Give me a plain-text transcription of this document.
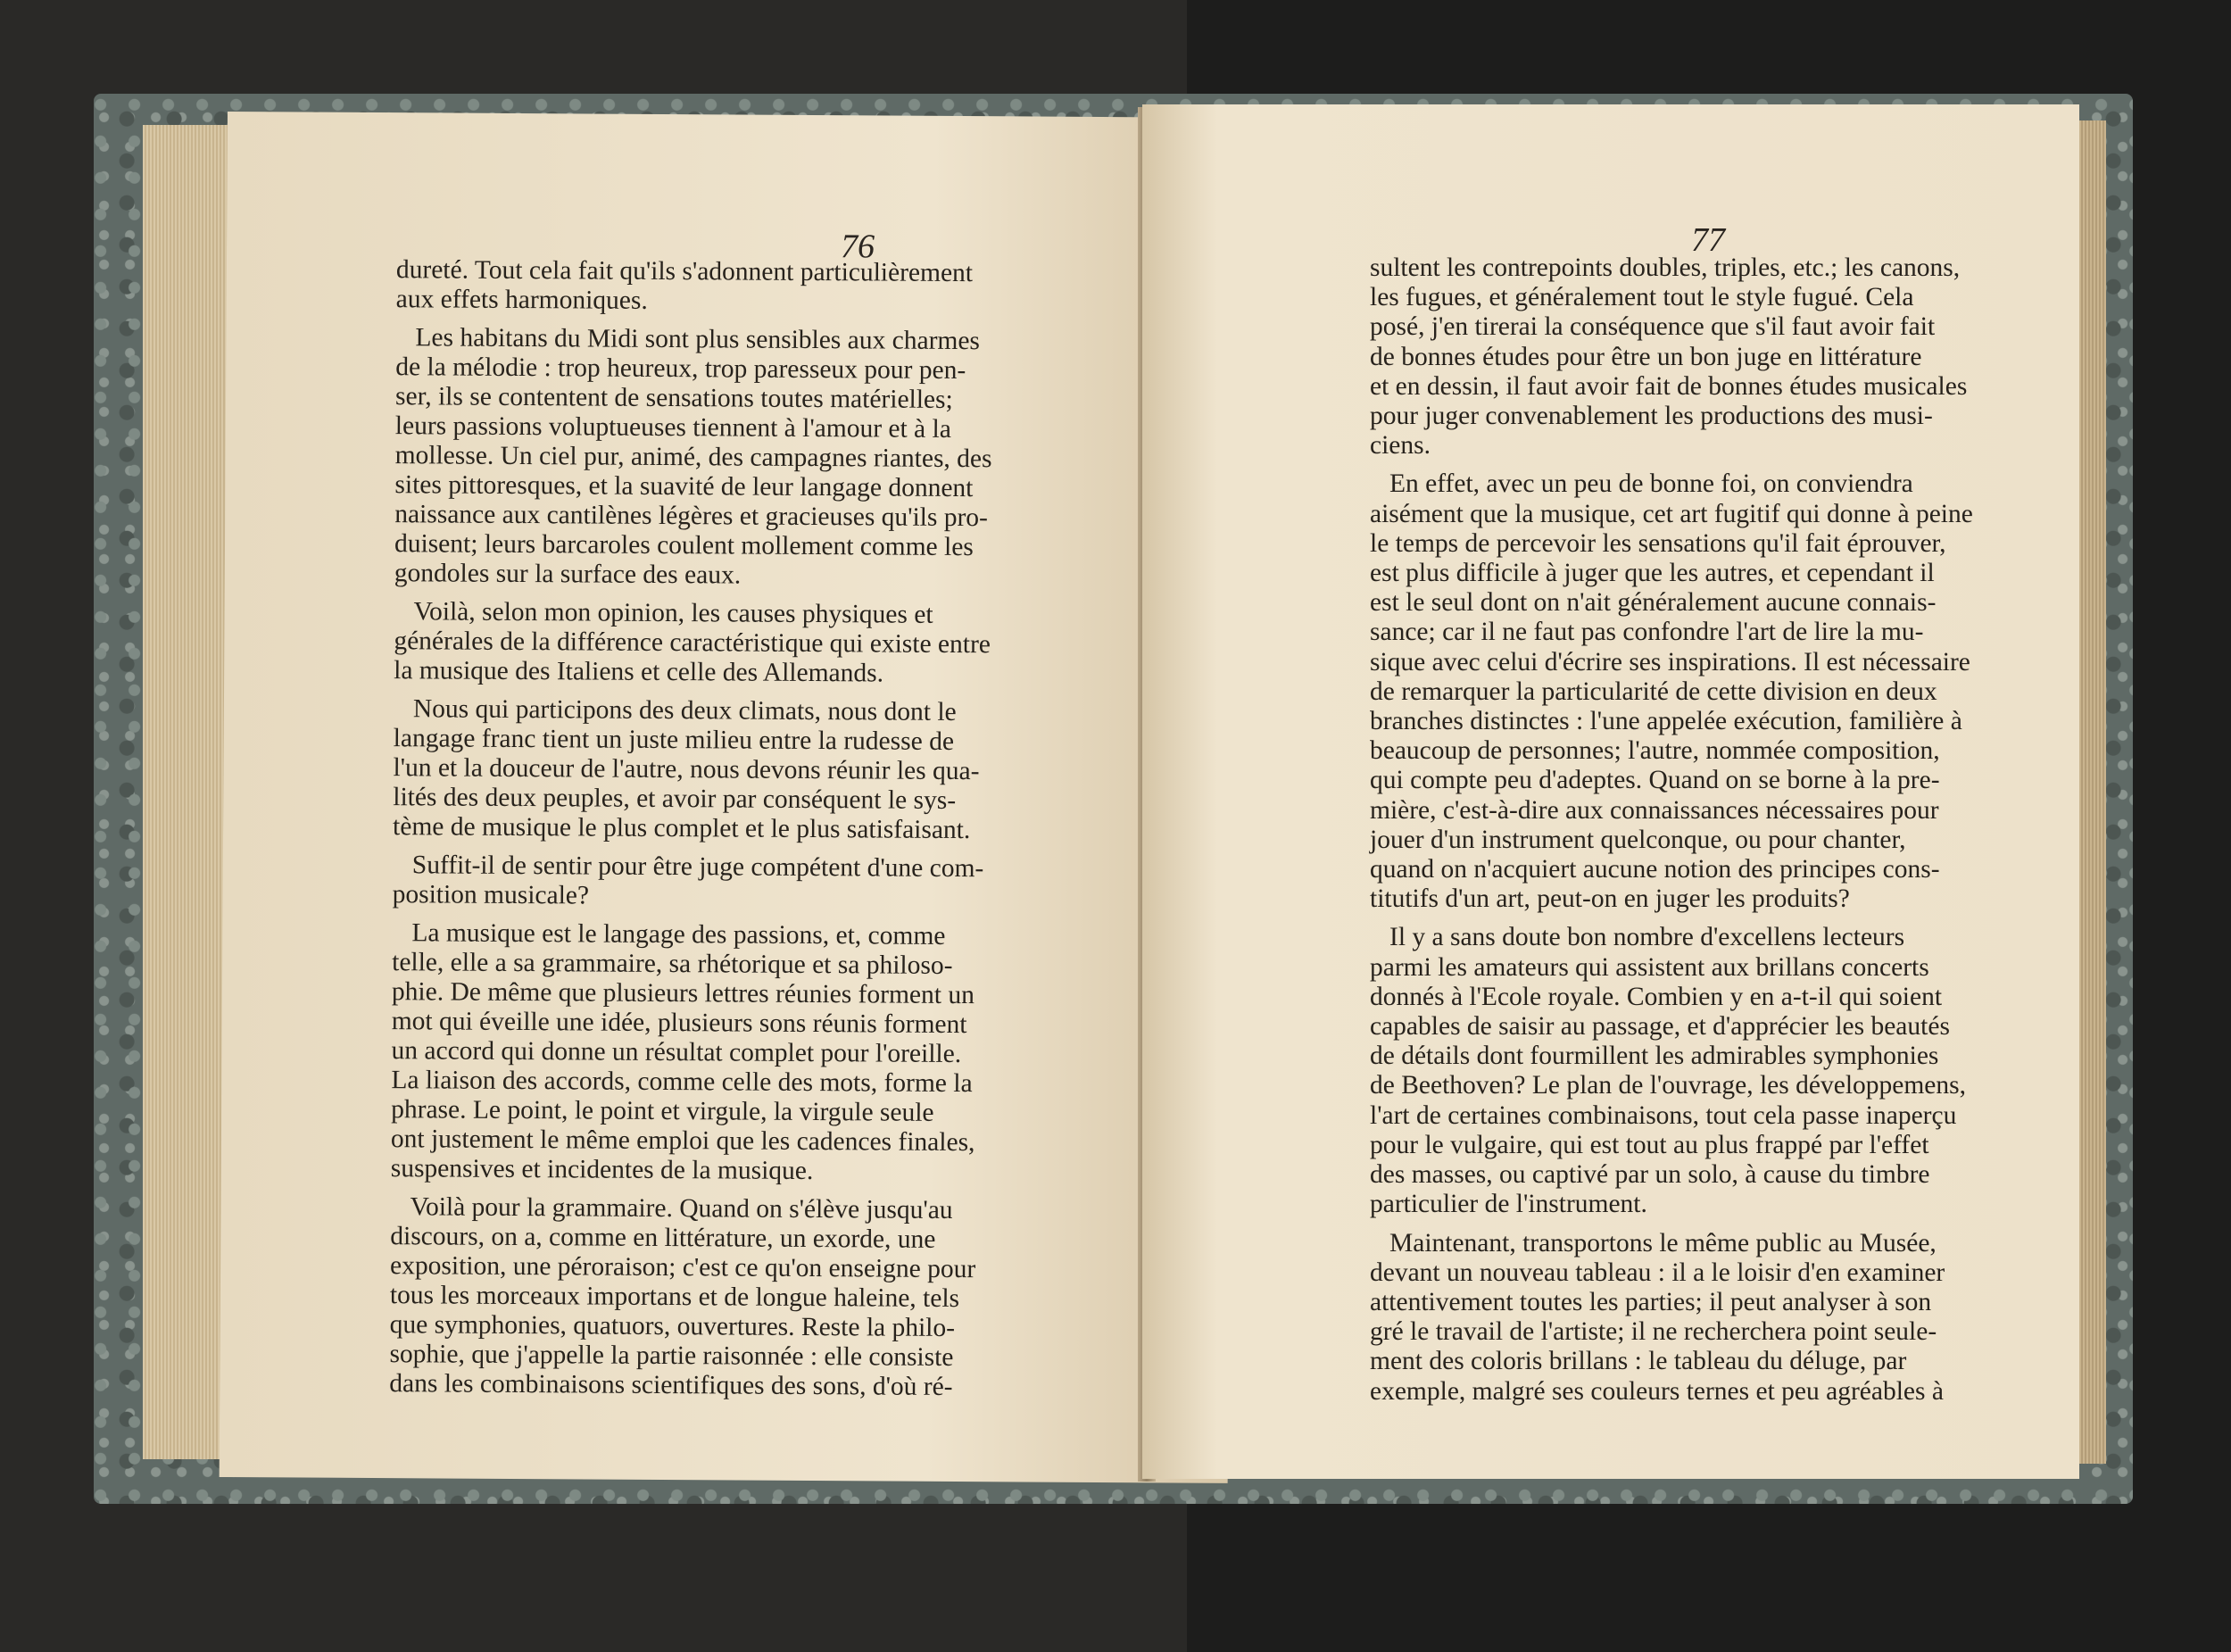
76

dureté. Tout cela fait qu'ils s'adonnent particulièrement
aux effets harmoniques.

Les habitans du Midi sont plus sensibles aux charmes
de la mélodie : trop heureux, trop paresseux pour pen-
ser, ils se contentent de sensations toutes matérielles;
leurs passions voluptueuses tiennent à l'amour et à la
mollesse. Un ciel pur, animé, des campagnes riantes, des
sites pittoresques, et la suavité de leur langage donnent
naissance aux cantilènes légères et gracieuses qu'ils pro-
duisent; leurs barcaroles coulent mollement comme les
gondoles sur la surface des eaux.

Voilà, selon mon opinion, les causes physiques et
générales de la différence caractéristique qui existe entre
la musique des Italiens et celle des Allemands.

Nous qui participons des deux climats, nous dont le
langage franc tient un juste milieu entre la rudesse de
l'un et la douceur de l'autre, nous devons réunir les qua-
lités des deux peuples, et avoir par conséquent le sys-
tème de musique le plus complet et le plus satisfaisant.

Suffit-il de sentir pour être juge compétent d'une com-
position musicale?

La musique est le langage des passions, et, comme
telle, elle a sa grammaire, sa rhétorique et sa philoso-
phie. De même que plusieurs lettres réunies forment un
mot qui éveille une idée, plusieurs sons réunis forment
un accord qui donne un résultat complet pour l'oreille.
La liaison des accords, comme celle des mots, forme la
phrase. Le point, le point et virgule, la virgule seule
ont justement le même emploi que les cadences finales,
suspensives et incidentes de la musique.

Voilà pour la grammaire. Quand on s'élève jusqu'au
discours, on a, comme en littérature, un exorde, une
exposition, une péroraison; c'est ce qu'on enseigne pour
tous les morceaux importans et de longue haleine, tels
que symphonies, quatuors, ouvertures. Reste la philo-
sophie, que j'appelle la partie raisonnée : elle consiste
dans les combinaisons scientifiques des sons, d'où ré-

77

sultent les contrepoints doubles, triples, etc.; les canons,
les fugues, et généralement tout le style fugué. Cela
posé, j'en tirerai la conséquence que s'il faut avoir fait
de bonnes études pour être un bon juge en littérature
et en dessin, il faut avoir fait de bonnes études musicales
pour juger convenablement les productions des musi-
ciens.

En effet, avec un peu de bonne foi, on conviendra
aisément que la musique, cet art fugitif qui donne à peine
le temps de percevoir les sensations qu'il fait éprouver,
est plus difficile à juger que les autres, et cependant il
est le seul dont on n'ait généralement aucune connais-
sance; car il ne faut pas confondre l'art de lire la mu-
sique avec celui d'écrire ses inspirations. Il est nécessaire
de remarquer la particularité de cette division en deux
branches distinctes : l'une appelée exécution, familière à
beaucoup de personnes; l'autre, nommée composition,
qui compte peu d'adeptes. Quand on se borne à la pre-
mière, c'est-à-dire aux connaissances nécessaires pour
jouer d'un instrument quelconque, ou pour chanter,
quand on n'acquiert aucune notion des principes cons-
titutifs d'un art, peut-on en juger les produits?

Il y a sans doute bon nombre d'excellens lecteurs
parmi les amateurs qui assistent aux brillans concerts
donnés à l'Ecole royale. Combien y en a-t-il qui soient
capables de saisir au passage, et d'apprécier les beautés
de détails dont fourmillent les admirables symphonies
de Beethoven? Le plan de l'ouvrage, les développemens,
l'art de certaines combinaisons, tout cela passe inaperçu
pour le vulgaire, qui est tout au plus frappé par l'effet
des masses, ou captivé par un solo, à cause du timbre
particulier de l'instrument.

Maintenant, transportons le même public au Musée,
devant un nouveau tableau : il a le loisir d'en examiner
attentivement toutes les parties; il peut analyser à son
gré le travail de l'artiste; il ne recherchera point seule-
ment des coloris brillans : le tableau du déluge, par
exemple, malgré ses couleurs ternes et peu agréables à
